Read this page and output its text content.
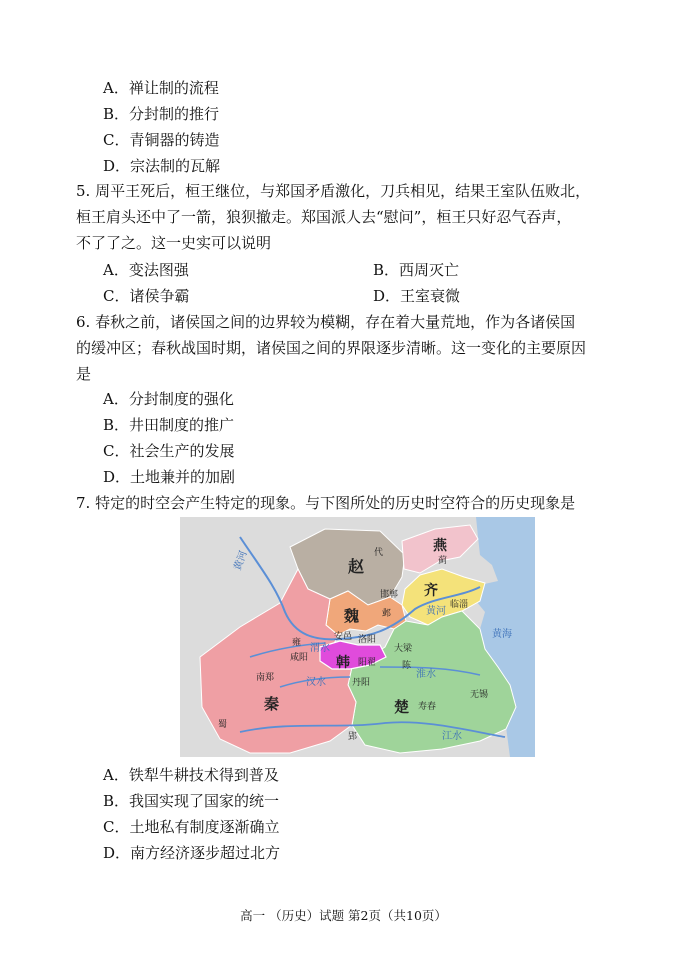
A．禅让制的流程
B．分封制的推行
C．青铜器的铸造
D．宗法制的瓦解
5. 周平王死后，桓王继位，与郑国矛盾激化，刀兵相见，结果王室队伍败北，
桓王肩头还中了一箭，狼狈撤走。郑国派人去“慰问”，桓王只好忍气吞声，
不了了之。这一史实可以说明
A．变法图强	B．西周灭亡
C．诸侯争霸	D．王室衰微
6. 春秋之前，诸侯国之间的边界较为模糊，存在着大量荒地，作为各诸侯国
的缓冲区；春秋战国时期，诸侯国之间的界限逐步清晰。这一变化的主要原因
是
A．分封制度的强化
B．井田制度的推广
C．社会生产的发展
D．土地兼并的加剧
7. 特定的时空会产生特定的现象。与下图所处的历史时空符合的历史现象是
赵
燕
齐
魏
韩
秦	楚
代
蓟
邯郸
邺
临淄
安邑 洛阳
大梁
阳翟	陈
雍
咸阳
南郑	丹阳
寿春
无锡
蜀
郢
黄河
黄河
黄海
渭水
汉水
淮水
江水
A．铁犁牛耕技术得到普及
B．我国实现了国家的统一
C．土地私有制度逐渐确立
D．南方经济逐步超过北方
高一 （历史）试题 第2页（共10页）
